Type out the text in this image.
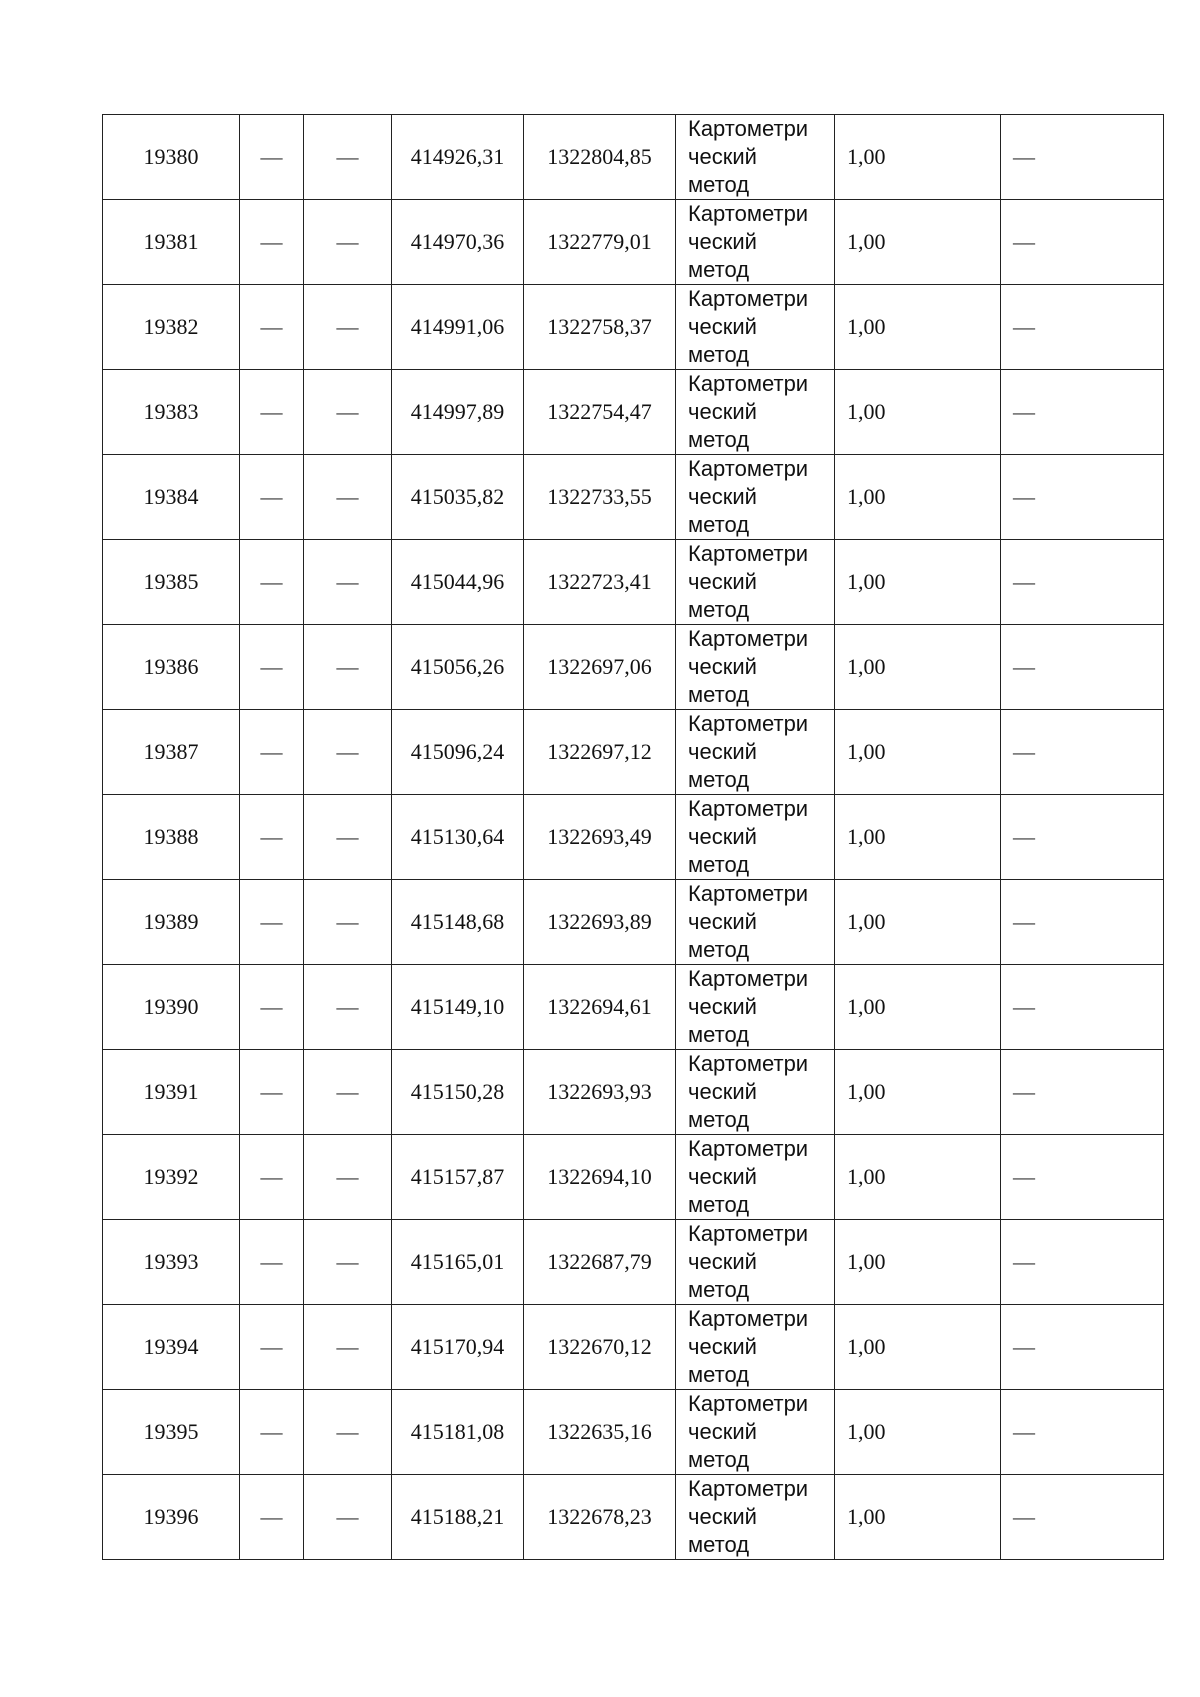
19380	—	—	414926,31	1322804,85	Картометри
ческий
метод	1,00	—
19381	—	—	414970,36	1322779,01	Картометри
ческий
метод	1,00	—
19382	—	—	414991,06	1322758,37	Картометри
ческий
метод	1,00	—
19383	—	—	414997,89	1322754,47	Картометри
ческий
метод	1,00	—
19384	—	—	415035,82	1322733,55	Картометри
ческий
метод	1,00	—
19385	—	—	415044,96	1322723,41	Картометри
ческий
метод	1,00	—
19386	—	—	415056,26	1322697,06	Картометри
ческий
метод	1,00	—
19387	—	—	415096,24	1322697,12	Картометри
ческий
метод	1,00	—
19388	—	—	415130,64	1322693,49	Картометри
ческий
метод	1,00	—
19389	—	—	415148,68	1322693,89	Картометри
ческий
метод	1,00	—
19390	—	—	415149,10	1322694,61	Картометри
ческий
метод	1,00	—
19391	—	—	415150,28	1322693,93	Картометри
ческий
метод	1,00	—
19392	—	—	415157,87	1322694,10	Картометри
ческий
метод	1,00	—
19393	—	—	415165,01	1322687,79	Картометри
ческий
метод	1,00	—
19394	—	—	415170,94	1322670,12	Картометри
ческий
метод	1,00	—
19395	—	—	415181,08	1322635,16	Картометри
ческий
метод	1,00	—
19396	—	—	415188,21	1322678,23	Картометри
ческий
метод	1,00	—
